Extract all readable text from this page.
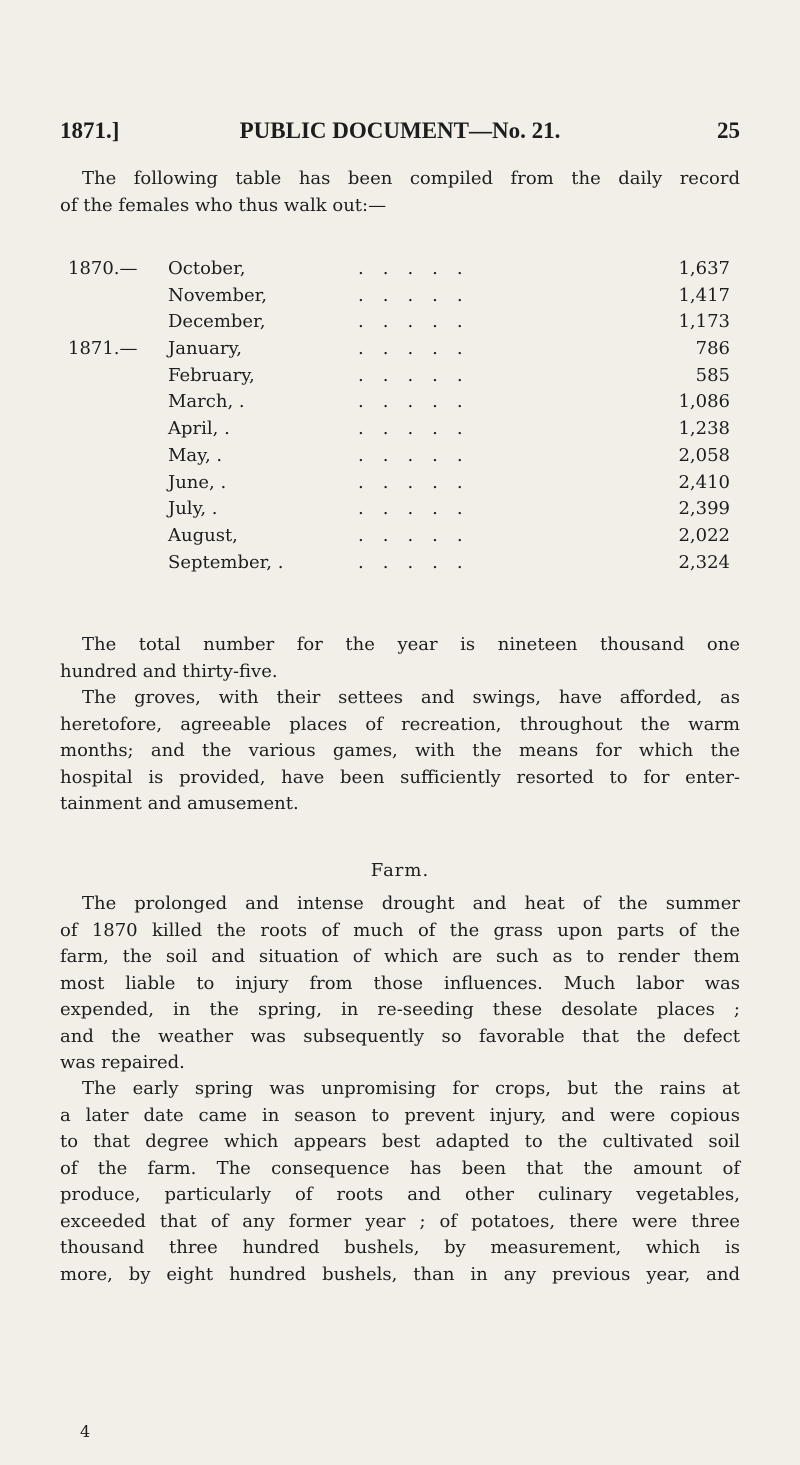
1871.]	PUBLIC DOCUMENT—No. 21.	25
The following table has been compiled from the daily record
of the females who thus walk out:—
1870.—	October,	.....	1,637
November,	.....	1,417
December,	.....	1,173
1871.—	January,	.....	786
February,	.....	585
March, .	.....	1,086
April, .	.....	1,238
May, .	.....	2,058
June, .	.....	2,410
July, .	.....	2,399
August,	.....	2,022
September, .	.....	2,324
The total number for the year is nineteen thousand one
hundred and thirty-five.
The groves, with their settees and swings, have afforded, as
heretofore, agreeable places of recreation, throughout the warm
months; and the various games, with the means for which the
hospital is provided, have been sufficiently resorted to for enter-
tainment and amusement.
Farm.
The prolonged and intense drought and heat of the summer
of 1870 killed the roots of much of the grass upon parts of the
farm, the soil and situation of which are such as to render them
most liable to injury from those influences. Much labor was
expended, in the spring, in re-seeding these desolate places ;
and the weather was subsequently so favorable that the defect
was repaired.
The early spring was unpromising for crops, but the rains at
a later date came in season to prevent injury, and were copious
to that degree which appears best adapted to the cultivated soil
of the farm. The consequence has been that the amount of
produce, particularly of roots and other culinary vegetables,
exceeded that of any former year ; of potatoes, there were three
thousand three hundred bushels, by measurement, which is
more, by eight hundred bushels, than in any previous year, and
4
